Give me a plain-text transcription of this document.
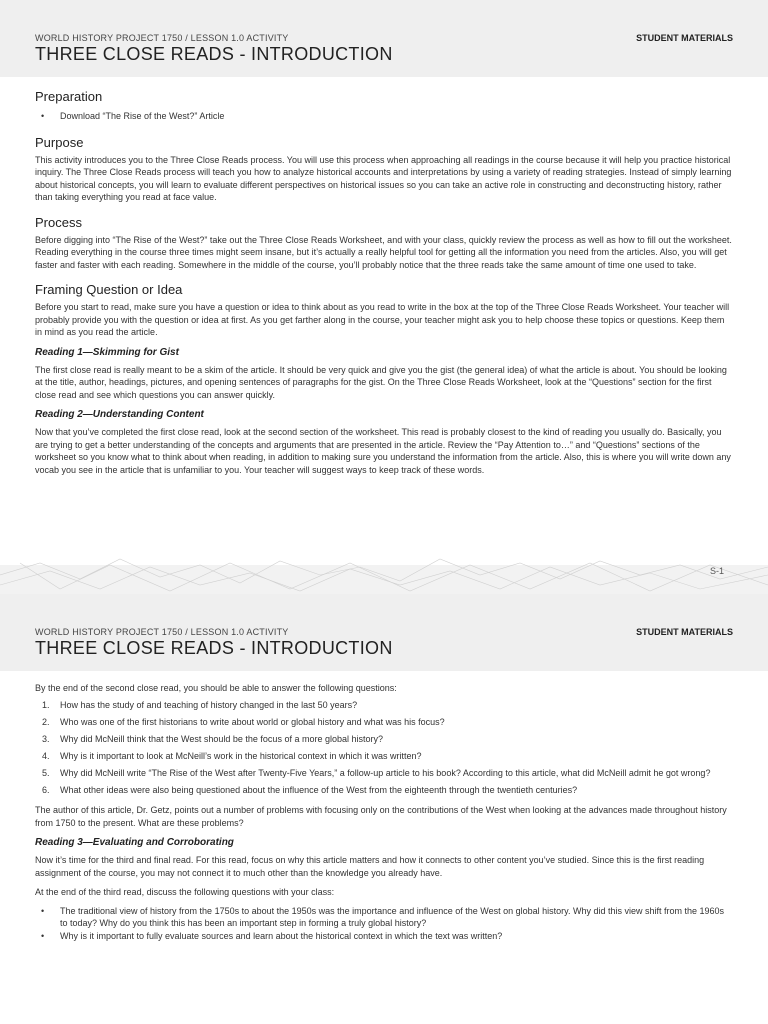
WORLD HISTORY PROJECT 1750 / LESSON 1.0 ACTIVITY	STUDENT MATERIALS
THREE CLOSE READS - INTRODUCTION
Preparation
• Download “The Rise of the West?” Article
Purpose

This activity introduces you to the Three Close Reads process. You will use this process when approaching all readings in the course because it will help you practice historical inquiry. The Three Close Reads process will teach you how to analyze historical accounts and interpretations by using a variety of reading strategies. Instead of simply learning about historical concepts, you will learn to evaluate different perspectives on historical issues so you can take an active role in constructing and deconstructing history, rather than taking everything you read at face value.

Process

Before digging into “The Rise of the West?” take out the Three Close Reads Worksheet, and with your class, quickly review the process as well as how to fill out the worksheet. Reading everything in the course three times might seem insane, but it’s actually a really helpful tool for getting all the information you need from the articles. Also, you will get faster and faster with each reading. Somewhere in the middle of the course, you’ll probably notice that the three reads take the same amount of time one used to take.

Framing Question or Idea

Before you start to read, make sure you have a question or idea to think about as you read to write in the box at the top of the Three Close Reads Worksheet. Your teacher will probably provide you with the question or idea at first. As you get farther along in the course, your teacher might ask you to help choose these topics or questions. Keep them in mind as you read the article.

Reading 1—Skimming for Gist

The first close read is really meant to be a skim of the article. It should be very quick and give you the gist (the general idea) of what the article is about. You should be looking at the title, author, headings, pictures, and opening sentences of paragraphs for the gist. On the Three Close Reads Worksheet, look at the “Questions” section for the first close read and see which questions you can answer quickly.

Reading 2—Understanding Content

Now that you’ve completed the first close read, look at the second section of the worksheet. This read is probably closest to the kind of reading you usually do. Basically, you are trying to get a better understanding of the concepts and arguments that are presented in the article. Review the “Pay Attention to…” and “Questions” sections of the worksheet so you know what to think about when reading, in addition to making sure you understand the information from the article. Also, this is where you will write down any vocab you see in the article that is unfamiliar to you. Your teacher will suggest ways to keep track of these words.

S-1
WORLD HISTORY PROJECT 1750 / LESSON 1.0 ACTIVITY	STUDENT MATERIALS
THREE CLOSE READS - INTRODUCTION

By the end of the second close read, you should be able to answer the following questions:

1. How has the study of and teaching of history changed in the last 50 years?
2. Who was one of the first historians to write about world or global history and what was his focus?
3. Why did McNeill think that the West should be the focus of a more global history?
4. Why is it important to look at McNeill’s work in the historical context in which it was written?
5. Why did McNeill write “The Rise of the West after Twenty-Five Years,” a follow-up article to his book? According to this article, what did McNeill admit he got wrong?
6. What other ideas were also being questioned about the influence of the West from the eighteenth through the twentieth centuries?

The author of this article, Dr. Getz, points out a number of problems with focusing only on the contributions of the West when looking at the advances made throughout history from 1750 to the present. What are these problems?

Reading 3—Evaluating and Corroborating

Now it’s time for the third and final read. For this read, focus on why this article matters and how it connects to other content you’ve studied. Since this is the first reading assignment of the course, you may not connect it to much other than the knowledge you already have.

At the end of the third read, discuss the following questions with your class:

• The traditional view of history from the 1750s to about the 1950s was the importance and influence of the West on global history. Why did this view shift from the 1960s to today? Why do you think this has been an important step in forming a truly global history?
• Why is it important to fully evaluate sources and learn about the historical context in which the text was written?
